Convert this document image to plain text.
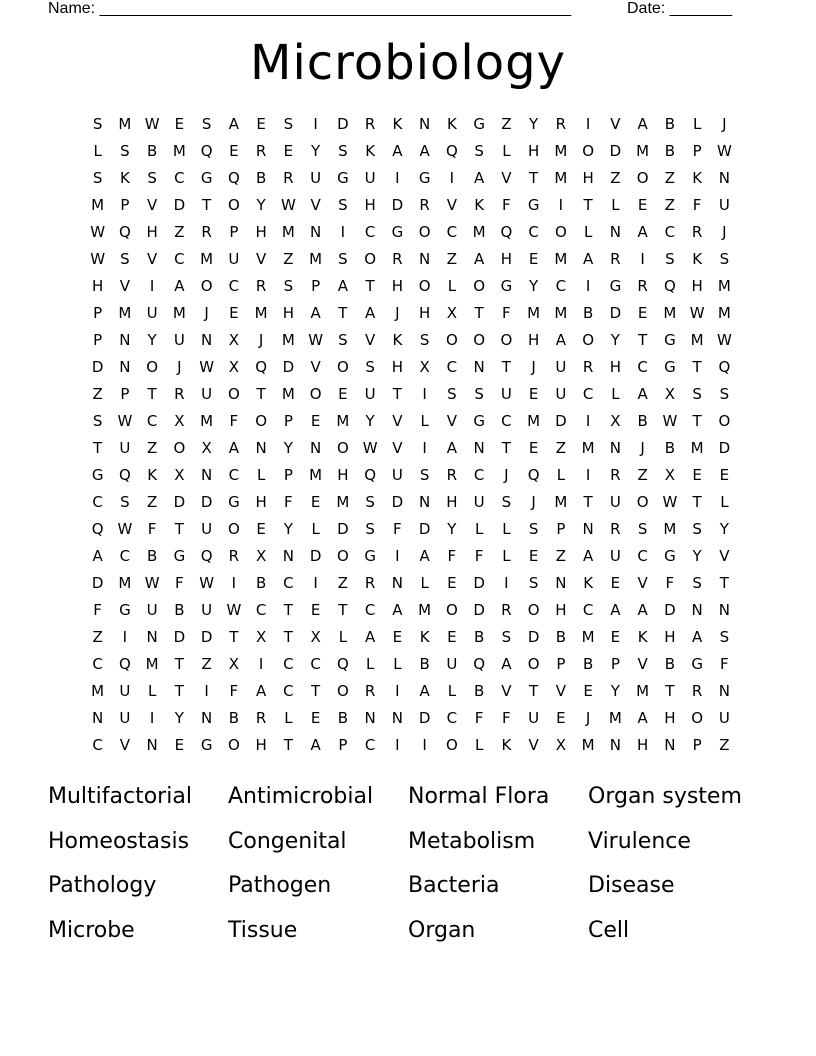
Name: _____________________________________________________

	Date: _______

Microbiology
S	M W	E	S	A	E	S	I	D	R	K	N	K	G	Z	Y	R	I	V	A	B	L	J
L	S	B	M Q	E	R	E	Y	S	K	A	A	Q	S	L	H	M O	D M	B	P	W
S	K	S	C	G	Q	B	R	U	G	U	I	G	I	A	V	T	M	H	Z	O	Z	K	N
M	P	V	D	T	O	Y	W V	S	H	D	R	V	K	F	G	I	T	L	E	Z	F	U
W Q	H	Z	R	P	H	M	N	I	C	G	O	C	M Q	C	O	L	N	A	C	R	J
W	S	V	C	M	U	V	Z	M	S	O	R	N	Z	A	H	E	M	A	R	I	S	K	S
H	V	I	A	O	C	R	S	P	A	T	H	O	L	O	G	Y	C	I	G	R	Q	H	M
P	M	U	M	J	E	M	H	A	T	A	J	H	X	T	F	M M	B	D	E	M W M
P	N	Y	U	N	X	J	M W	S	V	K	S	O	O	O	H	A	O	Y	T	G M W
D	N	O	J	W X	Q	D	V	O	S	H	X	C	N	T	J	U	R	H	C	G	T	Q
Z	P	T	R	U	O	T	M O	E	U	T	I	S	S	U	E	U	C	L	A	X	S	S
S	W C	X	M	F	O	P	E	M	Y	V	L	V	G	C	M	D	I	X	B W	T	O
T	U	Z	O	X	A	N	Y	N	O W V	I	A	N	T	E	Z	M	N	J	B	M	D
G	Q	K	X	N	C	L	P	M	H	Q	U	S	R	C	J	Q	L	I	R	Z	X	E	E
C	S	Z	D	D	G	H	F	E	M	S	D	N	H	U	S	J	M	T	U	O W	T	L
Q W	F	T	U	O	E	Y	L	D	S	F	D	Y	L	L	S	P	N	R	S	M	S	Y
A	C	B	G	Q	R	X	N	D	O	G	I	A	F	F	L	E	Z	A	U	C	G	Y	V
D M W	F	W	I	B	C	I	Z	R	N	L	E	D	I	S	N	K	E	V	F	S	T
F	G	U	B	U W C	T	E	T	C	A	M O	D	R	O	H	C	A	A	D	N	N
Z	I	N	D	D	T	X	T	X	L	A	E	K	E	B	S	D	B	M	E	K	H	A	S
C	Q M	T	Z	X	I	C	C	Q	L	L	B	U	Q	A	O	P	B	P	V	B	G	F
M	U	L	T	I	F	A	C	T	O	R	I	A	L	B	V	T	V	E	Y	M	T	R	N
N	U	I	Y	N	B	R	L	E	B	N	N	D	C	F	F	U	E	J	M	A	H	O	U
C	V	N	E	G	O	H	T	A	P	C	I	I	O	L	K	V	X	M	N	H	N	P	Z
Multifactorial	Antimicrobial	Normal Flora	Organ system
Homeostasis	Congenital	Metabolism	Virulence
Pathology	Pathogen	Bacteria	Disease
Microbe	Tissue	Organ	Cell
